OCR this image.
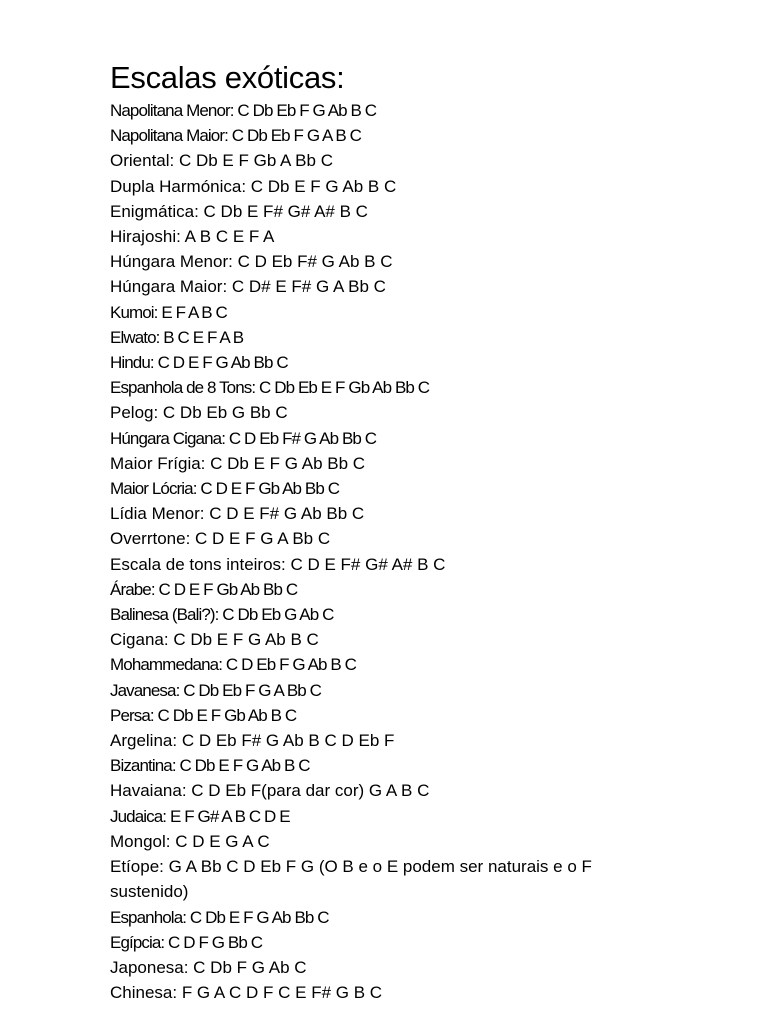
Escalas exóticas:
Napolitana Menor: C Db Eb F G Ab B C
Napolitana Maior: C Db Eb F G A B C
Oriental: C Db E F Gb A Bb C
Dupla Harmónica: C Db E F G Ab B C
Enigmática: C Db E F# G# A# B C
Hirajoshi: A B C E F A
Húngara Menor: C D Eb F# G Ab B C
Húngara Maior: C D# E F# G A Bb C
Kumoi: E F A B C
Elwato: B C E F A B
Hindu: C D E F G Ab Bb C
Espanhola de 8 Tons: C Db Eb E F Gb Ab Bb C
Pelog: C Db Eb G Bb C
Húngara Cigana: C D Eb F# G Ab Bb C
Maior Frígia: C Db E F G Ab Bb C
Maior Lócria: C D E F Gb Ab Bb C
Lídia Menor: C D E F# G Ab Bb C
Overrtone: C D E F G A Bb C
Escala de tons inteiros: C D E F# G# A# B C
Árabe: C D E F Gb Ab Bb C
Balinesa (Bali?): C Db Eb G Ab C
Cigana: C Db E F G Ab B C
Mohammedana: C D Eb F G Ab B C
Javanesa: C Db Eb F G A Bb C
Persa: C Db E F Gb Ab B C
Argelina: C D Eb F# G Ab B C D Eb F
Bizantina: C Db E F G Ab B C
Havaiana: C D Eb F(para dar cor) G A B C
Judaica: E F G# A B C D E
Mongol: C D E G A C
Etíope: G A Bb C D Eb F G (O B e o E podem ser naturais e o F sustenido)
Espanhola: C Db E F G Ab Bb C
Egípcia: C D F G Bb C
Japonesa: C Db F G Ab C
Chinesa: F G A C D F C E F# G B C
